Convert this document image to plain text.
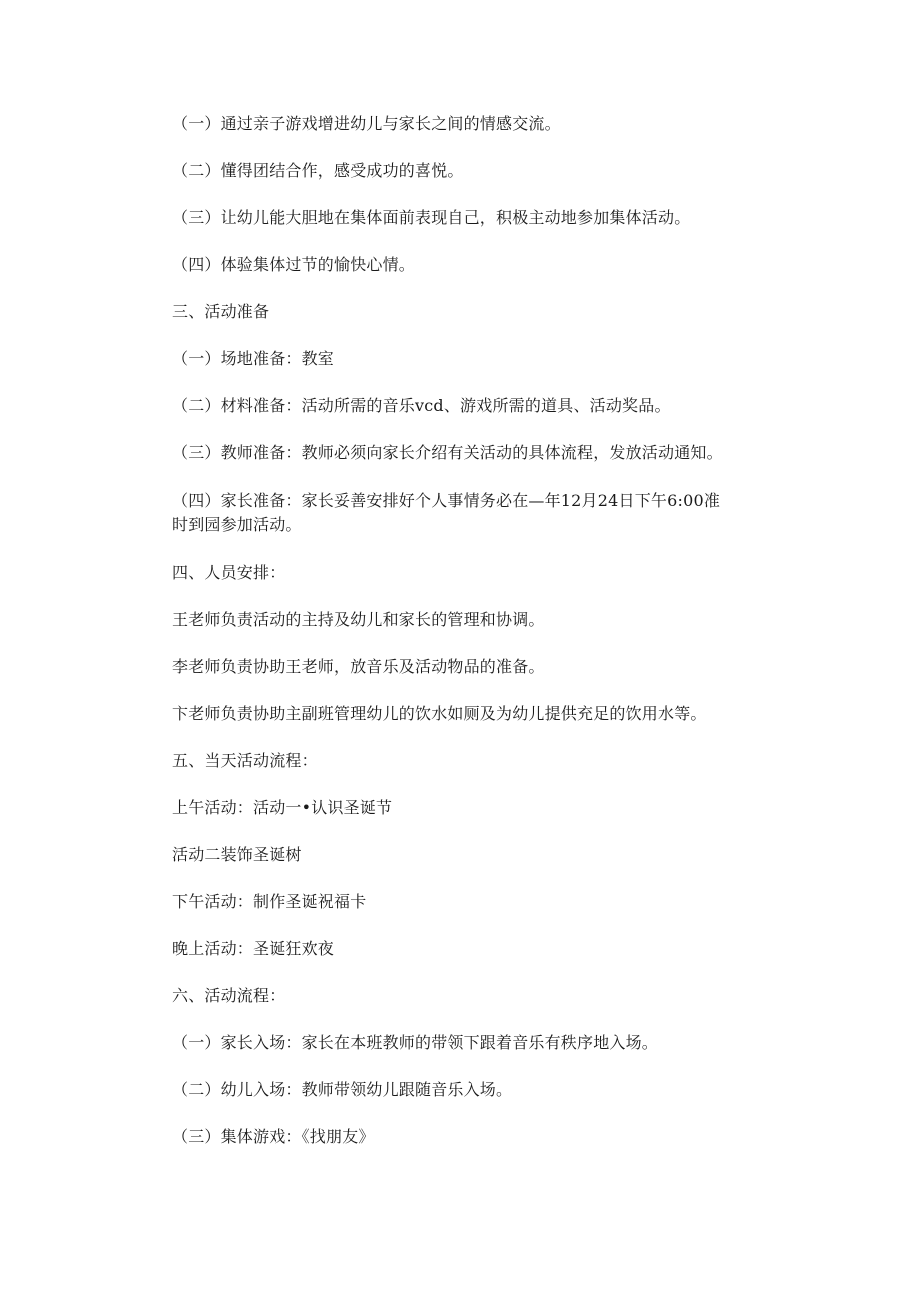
（一）通过亲子游戏增进幼儿与家长之间的情感交流。
（二）懂得团结合作，感受成功的喜悦。
（三）让幼儿能大胆地在集体面前表现自己，积极主动地参加集体活动。
（四）体验集体过节的愉快心情。
三、活动准备
（一）场地准备：教室
（二）材料准备：活动所需的音乐vcd、游戏所需的道具、活动奖品。
（三）教师准备：教师必须向家长介绍有关活动的具体流程，发放活动通知。
（四）家长准备：家长妥善安排好个人事情务必在—年12月24日下午6:00准
时到园参加活动。
四、人员安排：
王老师负责活动的主持及幼儿和家长的管理和协调。
李老师负责协助王老师，放音乐及活动物品的准备。
卞老师负责协助主副班管理幼儿的饮水如厕及为幼儿提供充足的饮用水等。
五、当天活动流程：
上午活动：活动一•认识圣诞节
活动二装饰圣诞树
下午活动：制作圣诞祝福卡
晚上活动：圣诞狂欢夜
六、活动流程：
（一）家长入场：家长在本班教师的带领下跟着音乐有秩序地入场。
（二）幼儿入场：教师带领幼儿跟随音乐入场。
（三）集体游戏：《找朋友》
